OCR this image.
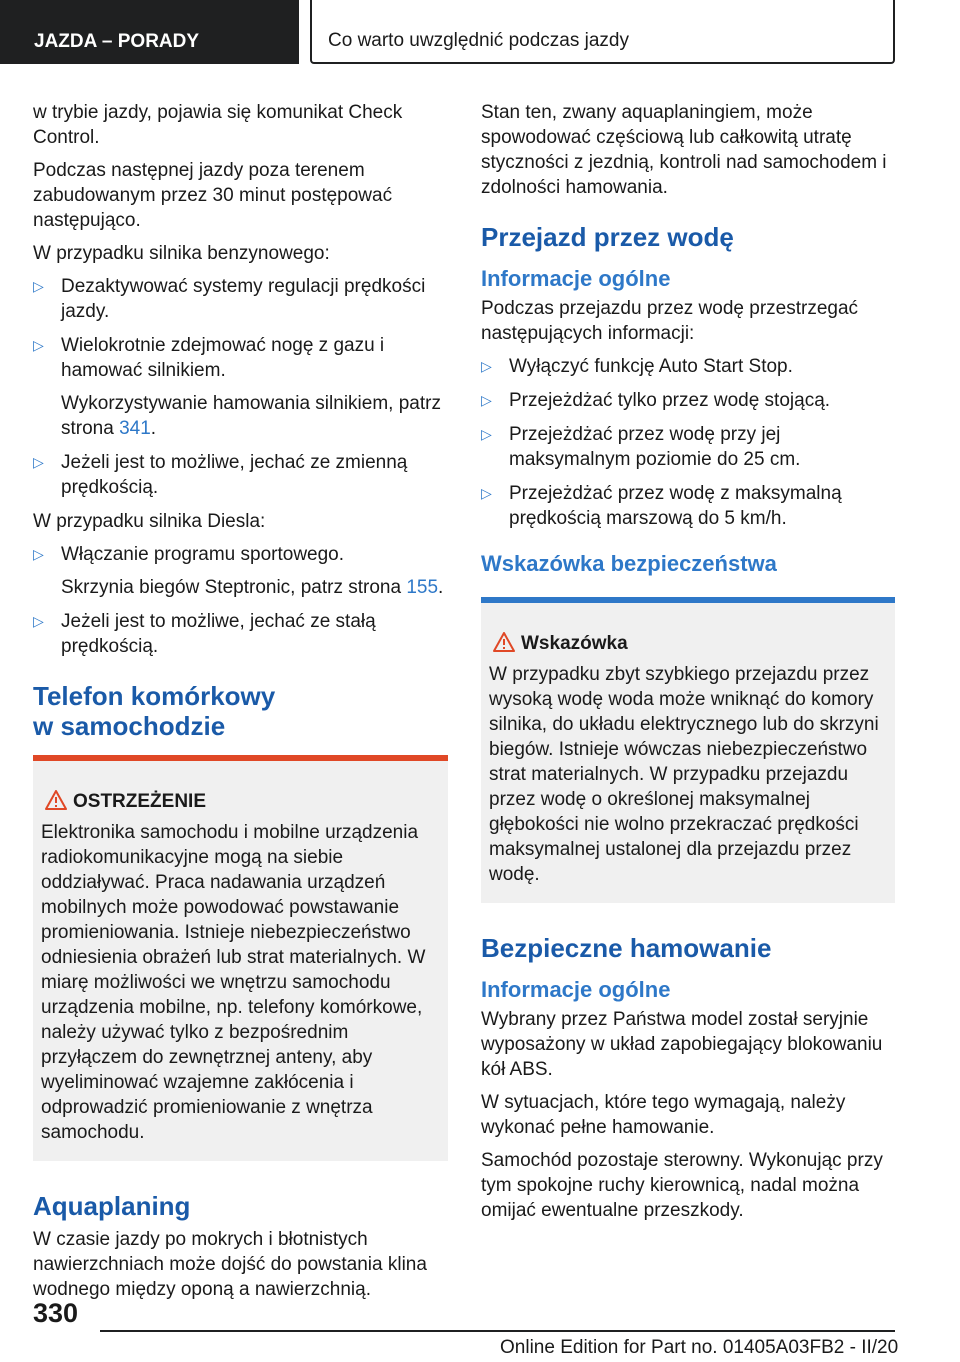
JAZDA – PORADY	Co warto uwzględnić podczas jazdy

w trybie jazdy, pojawia się komunikat Check Control.

Podczas następnej jazdy poza terenem zabudowanym przez 30 minut postępować następująco.

W przypadku silnika benzynowego:

▷ Dezaktywować systemy regulacji prędkości jazdy.
▷ Wielokrotnie zdejmować nogę z gazu i hamować silnikiem.
Wykorzystywanie hamowania silnikiem, patrz strona 341.
▷ Jeżeli jest to możliwe, jechać ze zmienną prędkością.

W przypadku silnika Diesla:

▷ Włączanie programu sportowego.
Skrzynia biegów Steptronic, patrz strona 155.
▷ Jeżeli jest to możliwe, jechać ze stałą prędkością.
Telefon komórkowy
w samochodzie
OSTRZEŻENIE

Elektronika samochodu i mobilne urządzenia radiokomunikacyjne mogą na siebie oddziaływać. Praca nadawania urządzeń mobilnych może powodować powstawanie promieniowania. Istnieje niebezpieczeństwo odniesienia obrażeń lub strat materialnych. W miarę możliwości we wnętrzu samochodu urządzenia mobilne, np. telefony komórkowe, należy używać tylko z bezpośrednim przyłączem do zewnętrznej anteny, aby wyeliminować wzajemne zakłócenia i odprowadzić promieniowanie z wnętrza samochodu.

Aquaplaning

W czasie jazdy po mokrych i błotnistych nawierzchniach może dojść do powstania klina wodnego między oponą a nawierzchnią.

Stan ten, zwany aquaplaningiem, może spowodować częściową lub całkowitą utratę styczności z jezdnią, kontroli nad samochodem i zdolności hamowania.

Przejazd przez wodę
Informacje ogólne

Podczas przejazdu przez wodę przestrzegać następujących informacji:

▷ Wyłączyć funkcję Auto Start Stop.
▷ Przejeżdżać tylko przez wodę stojącą.
▷ Przejeżdżać przez wodę przy jej maksymalnym poziomie do 25 cm.
▷ Przejeżdżać przez wodę z maksymalną prędkością marszową do 5 km/h.
Wskazówka bezpieczeństwa
Wskazówka

W przypadku zbyt szybkiego przejazdu przez wysoką wodę woda może wniknąć do komory silnika, do układu elektrycznego lub do skrzyni biegów. Istnieje wówczas niebezpieczeństwo strat materialnych. W przypadku przejazdu przez wodę o określonej maksymalnej głębokości nie wolno przekraczać prędkości maksymalnej ustalonej dla przejazdu przez wodę.

Bezpieczne hamowanie
Informacje ogólne

Wybrany przez Państwa model został seryjnie wyposażony w układ zapobiegający blokowaniu kół ABS.

W sytuacjach, które tego wymagają, należy wykonać pełne hamowanie.

Samochód pozostaje sterowny. Wykonując przy tym spokojne ruchy kierownicą, nadal można omijać ewentualne przeszkody.

330
Online Edition for Part no. 01405A03FB2 - II/20
